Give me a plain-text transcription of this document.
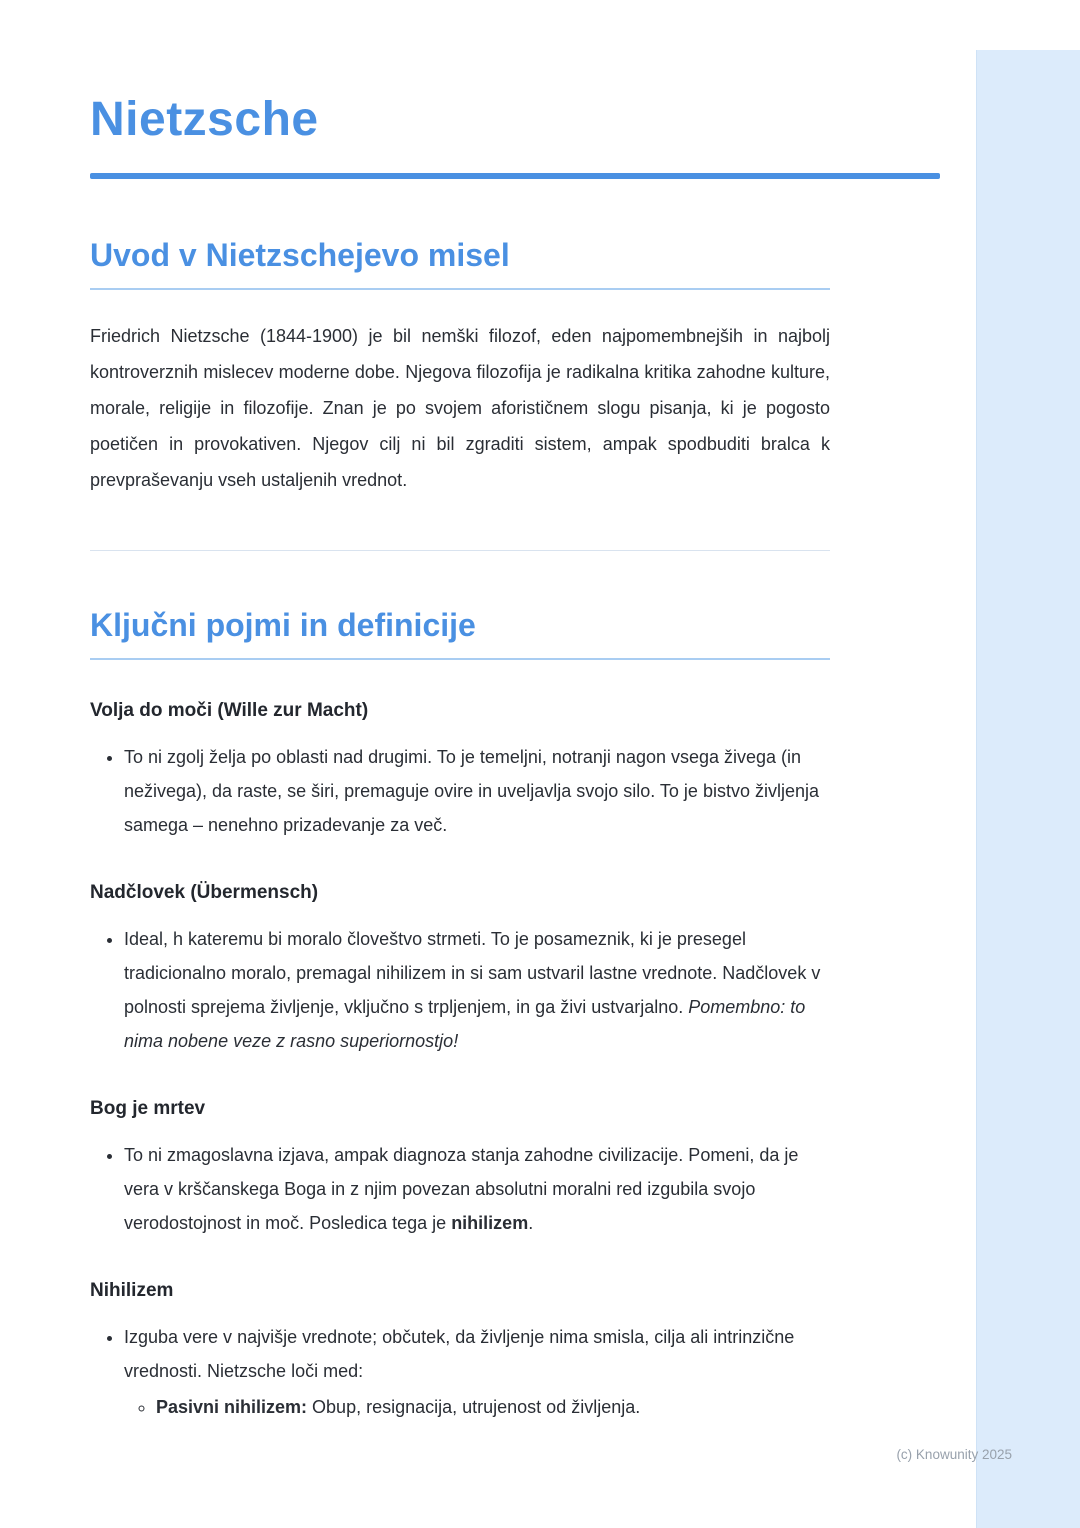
Nietzsche
Uvod v Nietzschejevo misel

Friedrich Nietzsche (1844-1900) je bil nemški filozof, eden najpomembnejših in najbolj kontroverznih mislecev moderne dobe. Njegova filozofija je radikalna kritika zahodne kulture, morale, religije in filozofije. Znan je po svojem aforističnem slogu pisanja, ki je pogosto poetičen in provokativen. Njegov cilj ni bil zgraditi sistem, ampak spodbuditi bralca k prevpraševanju vseh ustaljenih vrednot.

Ključni pojmi in definicije
Volja do moči (Wille zur Macht)
• To ni zgolj želja po oblasti nad drugimi. To je temeljni, notranji nagon vsega živega (in neživega), da raste, se širi, premaguje ovire in uveljavlja svojo silo. To je bistvo življenja samega – nenehno prizadevanje za več.
Nadčlovek (Übermensch)
• Ideal, h kateremu bi moralo človeštvo strmeti. To je posameznik, ki je presegel tradicionalno moralo, premagal nihilizem in si sam ustvaril lastne vrednote. Nadčlovek v polnosti sprejema življenje, vključno s trpljenjem, in ga živi ustvarjalno. Pomembno: to nima nobene veze z rasno superiornostjo!
Bog je mrtev
• To ni zmagoslavna izjava, ampak diagnoza stanja zahodne civilizacije. Pomeni, da je vera v krščanskega Boga in z njim povezan absolutni moralni red izgubila svojo verodostojnost in moč. Posledica tega je nihilizem.
Nihilizem
• Izguba vere v najvišje vrednote; občutek, da življenje nima smisla, cilja ali intrinzične vrednosti. Nietzsche loči med:
◦ Pasivni nihilizem: Obup, resignacija, utrujenost od življenja.
(c) Knowunity 2025
